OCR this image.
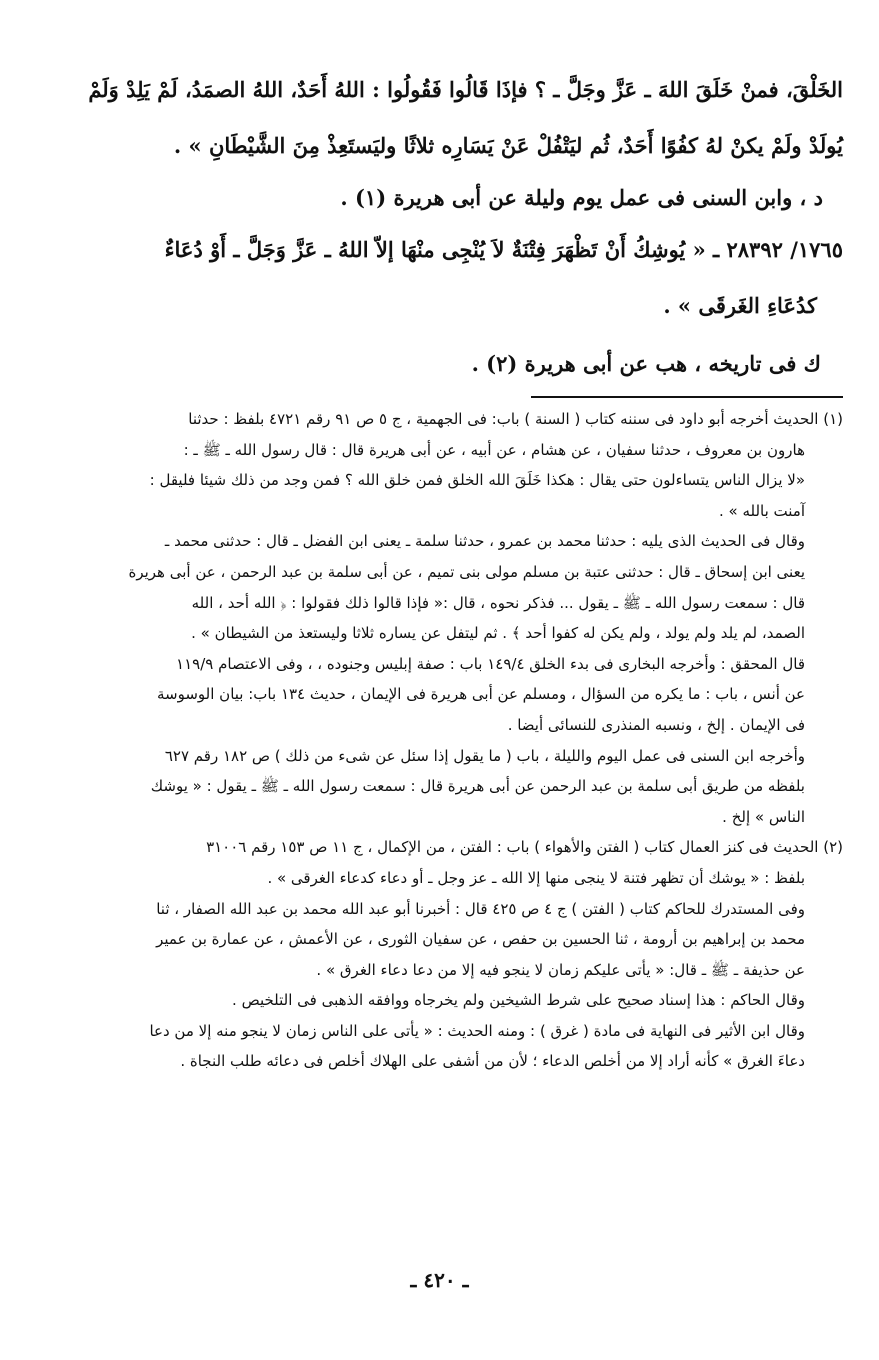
الخَلْقَ، فمنْ خَلَقَ اللهَ ـ عَزَّ وجَلَّ ـ ؟ فإذَا قَالُوا فَقُولُوا : اللهُ أَحَدٌ، اللهُ الصمَدُ، لَمْ يَلِدْ وَلَمْ

يُولَدْ ولَمْ يكنْ لهُ كفُوًا أَحَدٌ، ثُم ليَتْفُلْ عَنْ يَسَارِه ثلاثًا وليَستَعِذْ مِنَ الشَّيْطَانِ » .

د ، وابن السنى فى عمل يوم وليلة عن أبى هريرة (١) .

١٧٦٥/ ٢٨٣٩٢ ـ « يُوشِكُ أَنْ تَظْهَرَ فِتْنَةٌ لاَ يُنْجِى منْهَا إلاّ اللهُ ـ عَزَّ وَجَلَّ ـ أَوْ دُعَاءٌ

كدُعَاءِ الغَرقَى » .

ك فى تاريخه ، هب عن أبى هريرة (٢) .

(١) الحديث أخرجه أبو داود فى سننه كتاب ( السنة ) باب: فى الجهمية ، ج ٥ ص ٩١ رقم ٤٧٢١ بلفظ : حدثنا

هارون بن معروف ، حدثنا سفيان ، عن هشام ، عن أبيه ، عن أبى هريرة قال : قال رسول الله ـ ﷺ ـ :

«لا يزال الناس يتساءلون حتى يقال : هكذا خَلَقَ الله الخلق فمن خلق الله ؟ فمن وجد من ذلك شيئا فليقل :

آمنت بالله » .

وقال فى الحديث الذى يليه : حدثنا محمد بن عمرو ، حدثنا سلمة ـ يعنى ابن الفضل ـ قال : حدثنى محمد ـ

يعنى ابن إسحاق ـ قال : حدثنى عتبة بن مسلم مولى بنى تميم ، عن أبى سلمة بن عبد الرحمن ، عن أبى هريرة

قال : سمعت رسول الله ـ ﷺ ـ يقول ... فذكر نحوه ، قال :« فإذا قالوا ذلك فقولوا : ﴿ الله أحد ، الله

الصمد، لم يلد ولم يولد ، ولم يكن له كفوا أحد ﴾ . ثم ليتفل عن يساره ثلاثا وليستعذ من الشيطان » .

قال المحقق : وأخرجه البخارى فى بدء الخلق ١٤٩/٤ باب : صفة إبليس وجنوده ، ، وفى الاعتصام ١١٩/٩

عن أنس ، باب : ما يكره من السؤال ، ومسلم عن أبى هريرة فى الإيمان ، حديث ١٣٤ باب: بيان الوسوسة

فى الإيمان . إلخ ، ونسبه المنذرى للنسائى أيضا .

وأخرجه ابن السنى فى عمل اليوم والليلة ، باب ( ما يقول إذا سئل عن شىء من ذلك ) ص ١٨٢ رقم ٦٢٧

بلفظه من طريق أبى سلمة بن عبد الرحمن عن أبى هريرة قال : سمعت رسول الله ـ ﷺ ـ يقول : « يوشك

الناس » إلخ .

(٢) الحديث فى كنز العمال كتاب ( الفتن والأهواء ) باب : الفتن ، من الإكمال ، ج ١١ ص ١٥٣ رقم ٣١٠٠٦

بلفظ : « يوشك أن تظهر فتنة لا ينجى منها إلا الله ـ عز وجل ـ أو دعاء كدعاء الغرقى » .

وفى المستدرك للحاكم كتاب ( الفتن ) ج ٤ ص ٤٢٥ قال : أخبرنا أبو عبد الله محمد بن عبد الله الصفار ، ثنا

محمد بن إبراهيم بن أرومة ، ثنا الحسين بن حفص ، عن سفيان الثورى ، عن الأعمش ، عن عمارة بن عمير

عن حذيفة ـ ﷺ ـ قال: « يأتى عليكم زمان لا ينجو فيه إلا من دعا دعاء الغرق » .

وقال الحاكم : هذا إسناد صحيح على شرط الشيخين ولم يخرجاه ووافقه الذهبى فى التلخيص .

وقال ابن الأثير فى النهاية فى مادة ( غرق ) : ومنه الحديث : « يأتى على الناس زمان لا ينجو منه إلا من دعا

دعاءَ الغرق » كأنه أراد إلا من أخلص الدعاء ؛ لأن من أشفى على الهلاك أخلص فى دعائه طلب النجاة .

ـ ٤٢٠ ـ
